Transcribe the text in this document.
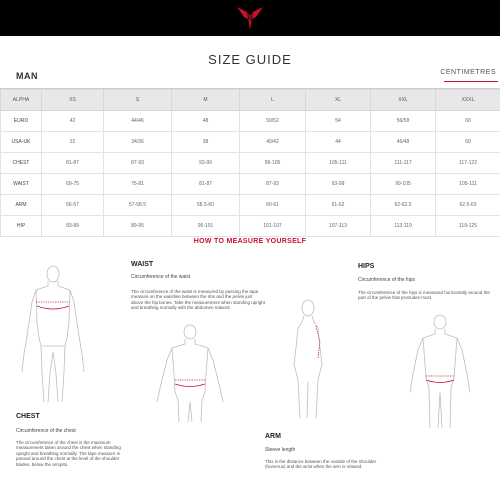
SIZE GUIDE
MAN	CENTIMETRES
ALPHA	XS	S	M	L	XL	XXL	XXXL
EURO	42	44/46	48	50/52	54	56/58	60
USA-UK	32	34/36	38	40/42	44	46/48	50
CHEST	81-87	87-93	93-99	99-105	105-111	111-117	117-122
WAIST	69-75	75-81	81-87	87-93	93-99	99-105	105-111
ARM	56-57	57-58.5	58.5-60	60-61	61-62	62-62.5	62.5-63
HIP	83-89	89-95	95-101	101-107	107-113	113-119	119-125
HOW TO MEASURE YOURSELF
WAIST
Circumference of the waist
The circumference of the waist is measured by passing the tape measure on the waistline between the ribs and the pelvis just above the hip bones. Take the measurement when standing upright and breathing normally with the abdomen relaxed.
HIPS
Circumference of the hips
The circumference of the hips is measured horizontally around the part of the pelvis that protrudes most.
CHEST
Circumference of the chest
The circumference of the chest is the maximum measurement taken around the chest when standing upright and breathing normally. The tape measure is passed around the chest at the level of the shoulder blades, below the armpits.
ARM
Sleeve length
This is the distance between the outside of the shoulder (humerus) and the wrist when the arm is relaxed.
